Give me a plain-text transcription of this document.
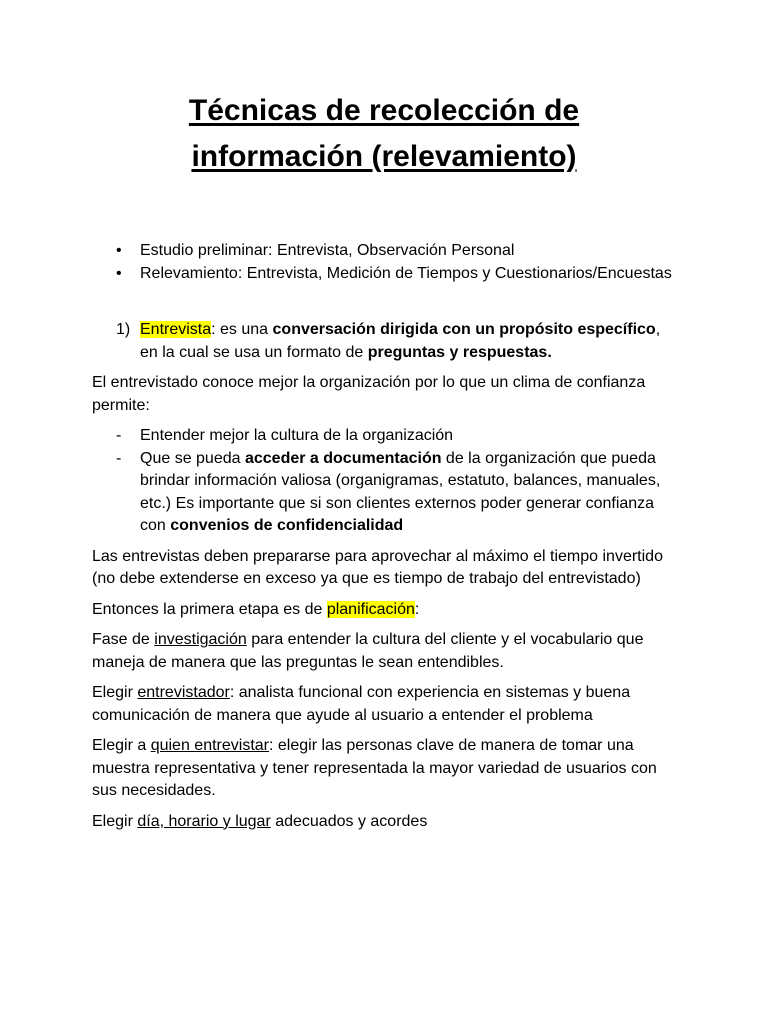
Técnicas de recolección de
información (relevamiento)
• Estudio preliminar: Entrevista, Observación Personal
• Relevamiento: Entrevista, Medición de Tiempos y Cuestionarios/Encuestas
1) Entrevista: es una conversación dirigida con un propósito específico, en la cual se usa un formato de preguntas y respuestas.

El entrevistado conoce mejor la organización por lo que un clima de confianza permite:

- Entender mejor la cultura de la organización
- Que se pueda acceder a documentación de la organización que pueda brindar información valiosa (organigramas, estatuto, balances, manuales, etc.) Es importante que si son clientes externos poder generar confianza con convenios de confidencialidad

Las entrevistas deben prepararse para aprovechar al máximo el tiempo invertido (no debe extenderse en exceso ya que es tiempo de trabajo del entrevistado)

Entonces la primera etapa es de planificación:

Fase de investigación para entender la cultura del cliente y el vocabulario que maneja de manera que las preguntas le sean entendibles.

Elegir entrevistador: analista funcional con experiencia en sistemas y buena comunicación de manera que ayude al usuario a entender el problema

Elegir a quien entrevistar: elegir las personas clave de manera de tomar una muestra representativa y tener representada la mayor variedad de usuarios con sus necesidades.

Elegir día, horario y lugar adecuados y acordes
